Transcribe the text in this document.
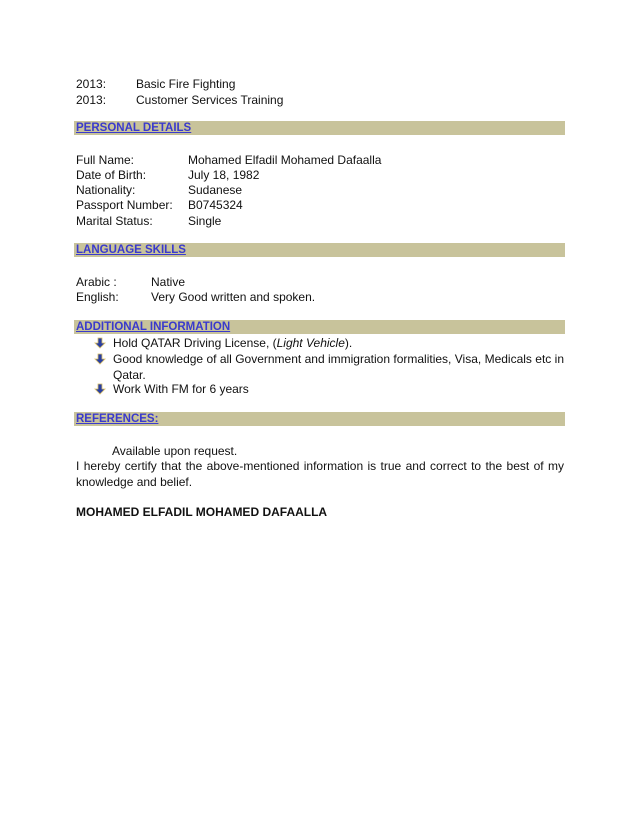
2013: Basic Fire Fighting
2013: Customer Services Training
PERSONAL DETAILS
Full Name:	Mohamed Elfadil Mohamed Dafaalla
Date of Birth:	July 18, 1982
Nationality:	Sudanese
Passport Number: B0745324
Marital Status:	Single
LANGUAGE SKILLS
Arabic :	Native
English:	Very Good written and spoken.
ADDITIONAL INFORMATION
Hold QATAR Driving License, (Light Vehicle).
Good knowledge of all Government and immigration formalities, Visa, Medicals etc in Qatar.
Work With FM for 6 years
REFERENCES:
Available upon request.
I hereby certify that the above-mentioned information is true and correct to the best of my knowledge and belief.
MOHAMED ELFADIL MOHAMED DAFAALLA
